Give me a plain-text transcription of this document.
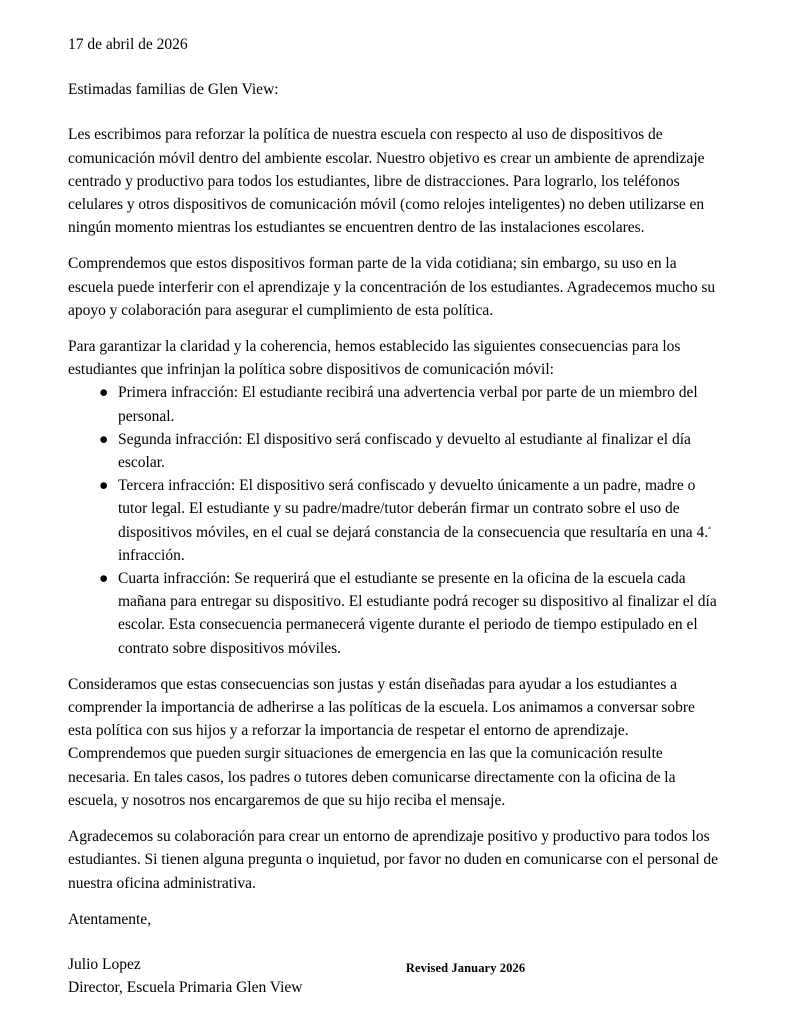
17 de abril de 2026

Estimadas familias de Glen View:

Les escribimos para reforzar la política de nuestra escuela con respecto al uso de dispositivos de comunicación móvil dentro del ambiente escolar. Nuestro objetivo es crear un ambiente de aprendizaje centrado y productivo para todos los estudiantes, libre de distracciones. Para lograrlo, los teléfonos celulares y otros dispositivos de comunicación móvil (como relojes inteligentes) no deben utilizarse en ningún momento mientras los estudiantes se encuentren dentro de las instalaciones escolares.

Comprendemos que estos dispositivos forman parte de la vida cotidiana; sin embargo, su uso en la escuela puede interferir con el aprendizaje y la concentración de los estudiantes. Agradecemos mucho su apoyo y colaboración para asegurar el cumplimiento de esta política.

Para garantizar la claridad y la coherencia, hemos establecido las siguientes consecuencias para los estudiantes que infrinjan la política sobre dispositivos de comunicación móvil:

● Primera infracción: El estudiante recibirá una advertencia verbal por parte de un miembro del personal.
● Segunda infracción: El dispositivo será confiscado y devuelto al estudiante al finalizar el día escolar.
● Tercera infracción: El dispositivo será confiscado y devuelto únicamente a un padre, madre o tutor legal. El estudiante y su padre/madre/tutor deberán firmar un contrato sobre el uso de dispositivos móviles, en el cual se dejará constancia de la consecuencia que resultaría en una 4.$^ª$ infracción.
● Cuarta infracción: Se requerirá que el estudiante se presente en la oficina de la escuela cada mañana para entregar su dispositivo. El estudiante podrá recoger su dispositivo al finalizar el día escolar. Esta consecuencia permanecerá vigente durante el periodo de tiempo estipulado en el contrato sobre dispositivos móviles.

Consideramos que estas consecuencias son justas y están diseñadas para ayudar a los estudiantes a comprender la importancia de adherirse a las políticas de la escuela. Los animamos a conversar sobre esta política con sus hijos y a reforzar la importancia de respetar el entorno de aprendizaje. Comprendemos que pueden surgir situaciones de emergencia en las que la comunicación resulte necesaria. En tales casos, los padres o tutores deben comunicarse directamente con la oficina de la escuela, y nosotros nos encargaremos de que su hijo reciba el mensaje.

Agradecemos su colaboración para crear un entorno de aprendizaje positivo y productivo para todos los estudiantes. Si tienen alguna pregunta o inquietud, por favor no duden en comunicarse con el personal de nuestra oficina administrativa.

Atentamente,

Julio Lopez

Director, Escuela Primaria Glen View

Revised January 2026
